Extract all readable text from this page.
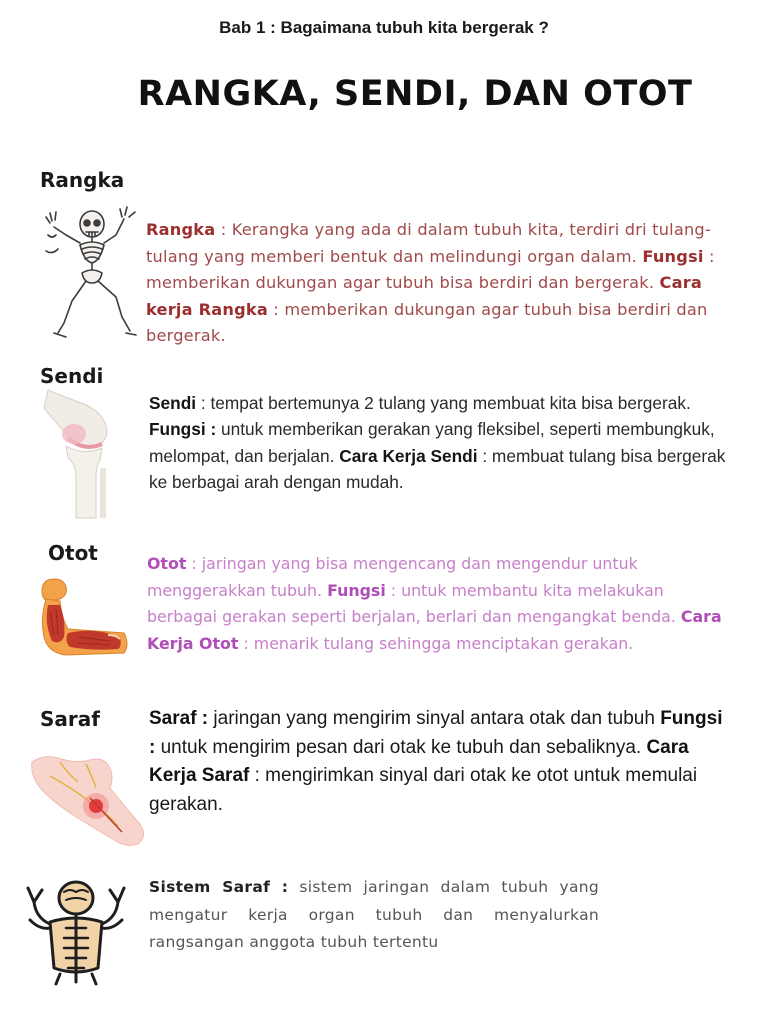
Bab 1 : Bagaimana tubuh kita bergerak ?
RANGKA, SENDI, DAN OTOT
Rangka

Rangka : Kerangka yang ada di dalam tubuh kita, terdiri dri tulang-tulang yang memberi bentuk dan melindungi organ dalam. Fungsi : memberikan dukungan agar tubuh bisa berdiri dan bergerak. Cara kerja Rangka : memberikan dukungan agar tubuh bisa berdiri dan bergerak.

Sendi

Sendi : tempat bertemunya 2 tulang yang membuat kita bisa bergerak. Fungsi : untuk memberikan gerakan yang fleksibel, seperti membungkuk, melompat, dan berjalan. Cara Kerja Sendi : membuat tulang bisa bergerak ke berbagai arah dengan mudah.

Otot	Otot : jaringan yang bisa mengencang dan mengendur untuk menggerakkan tubuh. Fungsi : untuk membantu kita melakukan berbagai gerakan seperti berjalan, berlari dan mengangkat benda. Cara Kerja Otot : menarik tulang sehingga menciptakan gerakan.

Saraf	Saraf : jaringan yang mengirim sinyal antara otak dan tubuh Fungsi : untuk mengirim pesan dari otak ke tubuh dan sebaliknya. Cara Kerja Saraf : mengirimkan sinyal dari otak ke otot untuk memulai gerakan.

Sistem Saraf : sistem jaringan dalam tubuh yang mengatur kerja organ tubuh dan menyalurkan rangsangan anggota tubuh tertentu
